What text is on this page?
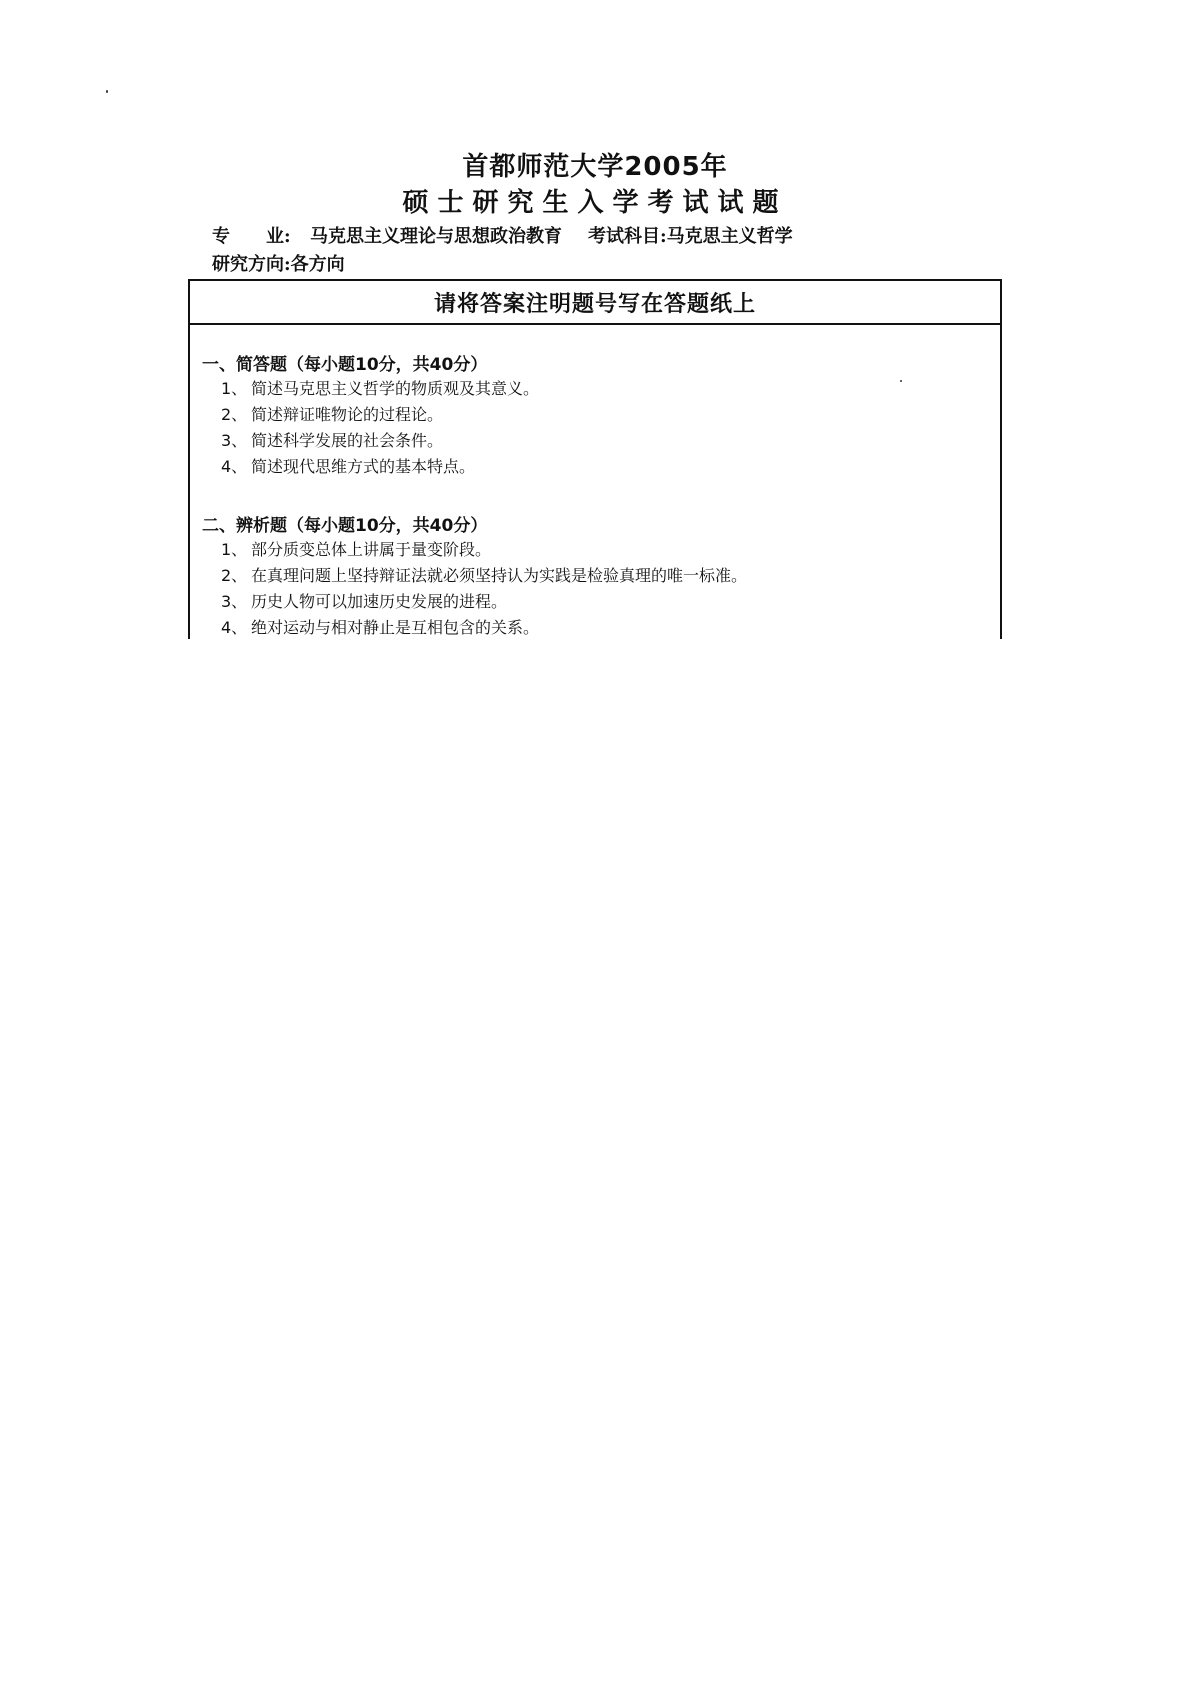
首都师范大学2005年
硕士研究生入学考试试题
专　　业: 马克思主义理论与思想政治教育 考试科目:马克思主义哲学
研究方向:各方向
请将答案注明题号写在答题纸上
一、简答题（每小题10分，共40分）
1、 简述马克思主义哲学的物质观及其意义。
2、 简述辩证唯物论的过程论。
3、 简述科学发展的社会条件。
4、 简述现代思维方式的基本特点。
二、辨析题（每小题10分，共40分）
1、 部分质变总体上讲属于量变阶段。
2、 在真理问题上坚持辩证法就必须坚持认为实践是检验真理的唯一标准。
3、 历史人物可以加速历史发展的进程。
4、 绝对运动与相对静止是互相包含的关系。
